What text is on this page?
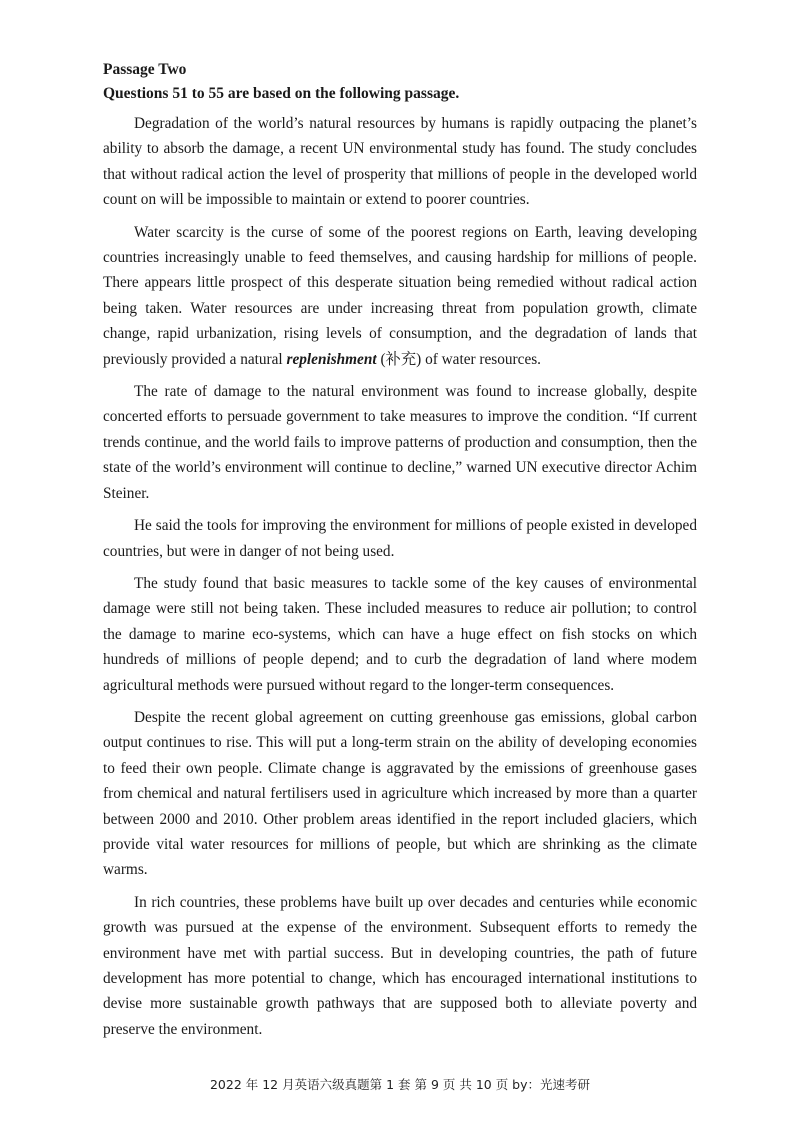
Passage Two

Questions 51 to 55 are based on the following passage.

Degradation of the world’s natural resources by humans is rapidly outpacing the planet’s ability to absorb the damage, a recent UN environmental study has found. The study concludes that without radical action the level of prosperity that millions of people in the developed world count on will be impossible to maintain or extend to poorer countries.

Water scarcity is the curse of some of the poorest regions on Earth, leaving developing countries increasingly unable to feed themselves, and causing hardship for millions of people. There appears little prospect of this desperate situation being remedied without radical action being taken. Water resources are under increasing threat from population growth, climate change, rapid urbanization, rising levels of consumption, and the degradation of lands that previously provided a natural replenishment (补充) of water resources.

The rate of damage to the natural environment was found to increase globally, despite concerted efforts to persuade government to take measures to improve the condition. “If current trends continue, and the world fails to improve patterns of production and consumption, then the state of the world’s environment will continue to decline,” warned UN executive director Achim Steiner.

He said the tools for improving the environment for millions of people existed in developed countries, but were in danger of not being used.

The study found that basic measures to tackle some of the key causes of environmental damage were still not being taken. These included measures to reduce air pollution; to control the damage to marine eco-systems, which can have a huge effect on fish stocks on which hundreds of millions of people depend; and to curb the degradation of land where modem agricultural methods were pursued without regard to the longer-term consequences.

Despite the recent global agreement on cutting greenhouse gas emissions, global carbon output continues to rise. This will put a long-term strain on the ability of developing economies to feed their own people. Climate change is aggravated by the emissions of greenhouse gases from chemical and natural fertilisers used in agriculture which increased by more than a quarter between 2000 and 2010. Other problem areas identified in the report included glaciers, which provide vital water resources for millions of people, but which are shrinking as the climate warms.

In rich countries, these problems have built up over decades and centuries while economic growth was pursued at the expense of the environment. Subsequent efforts to remedy the environment have met with partial success. But in developing countries, the path of future development has more potential to change, which has encouraged international institutions to devise more sustainable growth pathways that are supposed both to alleviate poverty and preserve the environment.

2022 年 12 月英语六级真题第 1 套 第 9 页 共 10 页 by：光速考研
